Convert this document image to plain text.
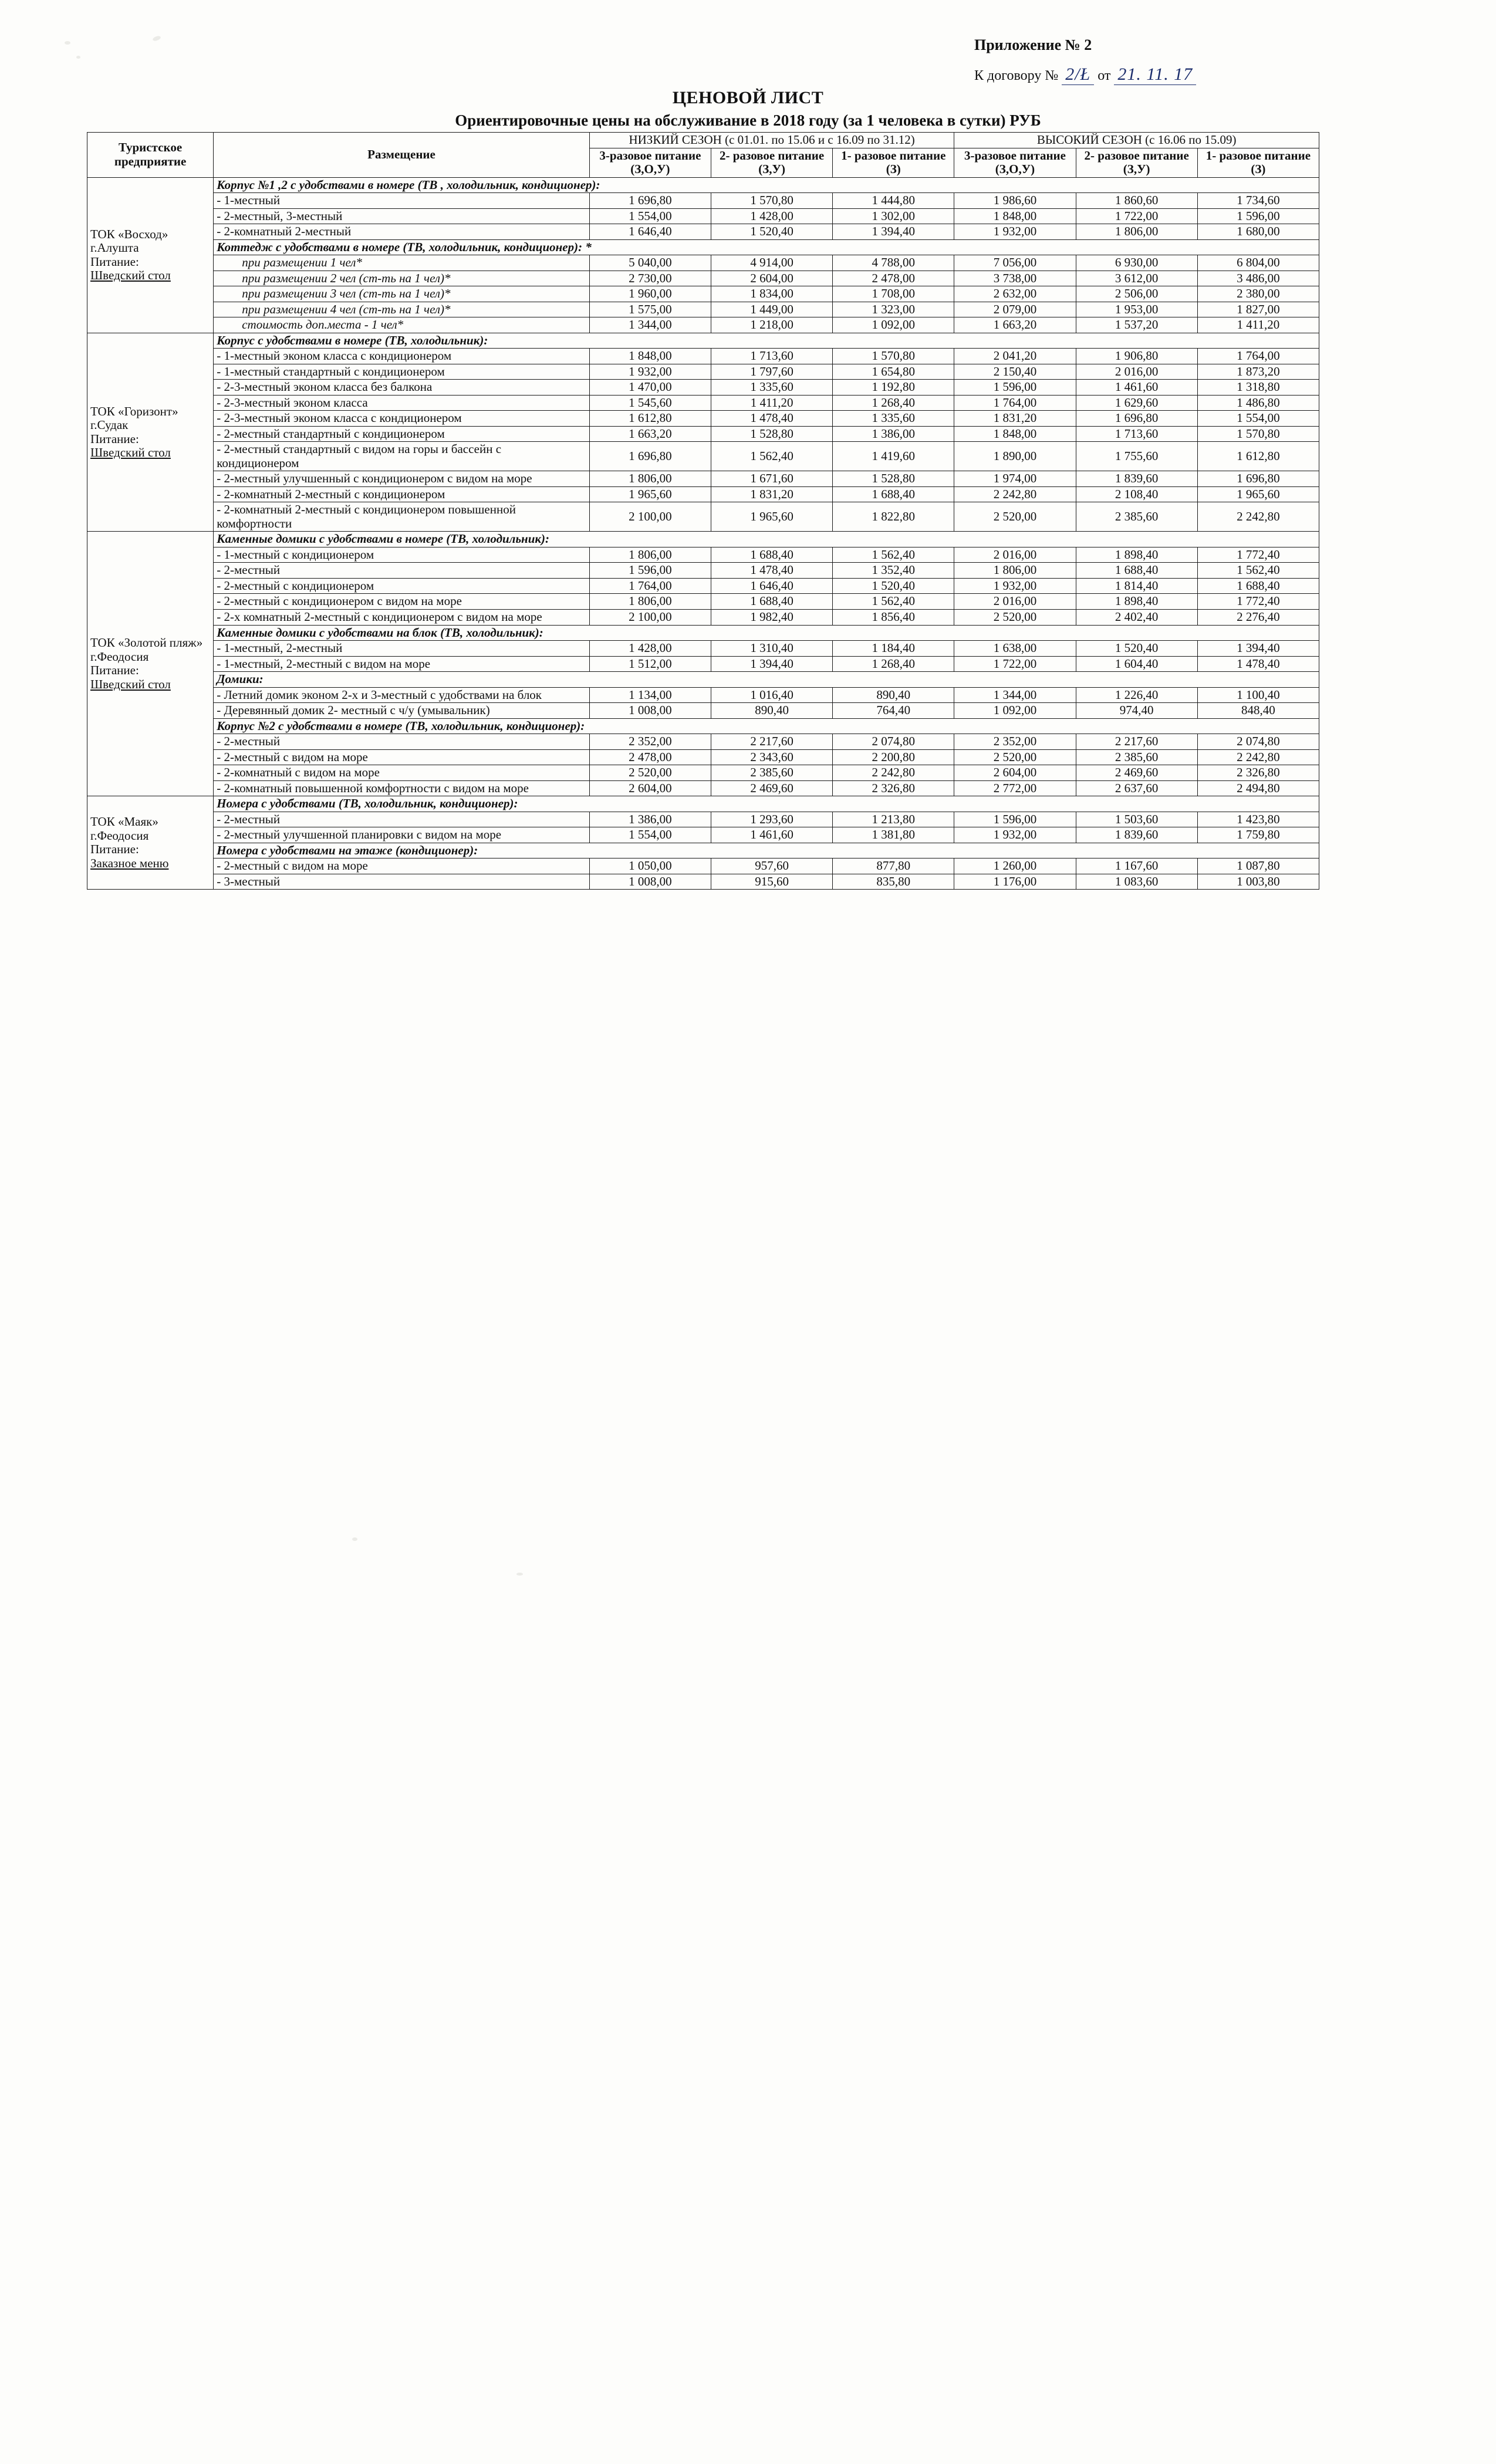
Приложение № 2
К договору № 2/Ł от 21. 11. 17
ЦЕНОВОЙ ЛИСТ
Ориентировочные цены на обслуживание в 2018 году (за 1 человека в сутки) РУБ
Туристское предприятие	Размещение	НИЗКИЙ СЕЗОН (с 01.01. по 15.06 и с 16.09 по 31.12)			ВЫСОКИЙ СЕЗОН (с 16.06 по 15.09)		
		3-разовое питание (З,О,У)	2- разовое питание (З,У)	1- разовое питание (З)	3-разовое питание (З,О,У)	2- разовое питание (З,У)	1- разовое питание (З)

ТОК «Восход»
г.Алушта
Питание:
Шведский стол	Корпус №1 ,2 с удобствами в номере (ТВ , холодильник, кондиционер):						
	- 1-местный	1 696,80	1 570,80	1 444,80	1 986,60	1 860,60	1 734,60
	- 2-местный, 3-местный	1 554,00	1 428,00	1 302,00	1 848,00	1 722,00	1 596,00
	- 2-комнатный 2-местный	1 646,40	1 520,40	1 394,40	1 932,00	1 806,00	1 680,00
	Коттедж с удобствами в номере (ТВ, холодильник, кондиционер): *						
	при размещении 1 чел*	5 040,00	4 914,00	4 788,00	7 056,00	6 930,00	6 804,00
	при размещении 2 чел (ст-ть на 1 чел)*	2 730,00	2 604,00	2 478,00	3 738,00	3 612,00	3 486,00
	при размещении 3 чел (ст-ть на 1 чел)*	1 960,00	1 834,00	1 708,00	2 632,00	2 506,00	2 380,00
	при размещении 4 чел (ст-ть на 1 чел)*	1 575,00	1 449,00	1 323,00	2 079,00	1 953,00	1 827,00
	стоимость доп.места - 1 чел*	1 344,00	1 218,00	1 092,00	1 663,20	1 537,20	1 411,20

ТОК «Горизонт»
г.Судак
Питание:
Шведский стол	Корпус с удобствами в номере (ТВ, холодильник):						
	- 1-местный эконом класса с кондиционером	1 848,00	1 713,60	1 570,80	2 041,20	1 906,80	1 764,00
	- 1-местный стандартный с кондиционером	1 932,00	1 797,60	1 654,80	2 150,40	2 016,00	1 873,20
	- 2-3-местный эконом класса без балкона	1 470,00	1 335,60	1 192,80	1 596,00	1 461,60	1 318,80
	- 2-3-местный эконом класса	1 545,60	1 411,20	1 268,40	1 764,00	1 629,60	1 486,80
	- 2-3-местный эконом класса с кондиционером	1 612,80	1 478,40	1 335,60	1 831,20	1 696,80	1 554,00
	- 2-местный стандартный с кондиционером	1 663,20	1 528,80	1 386,00	1 848,00	1 713,60	1 570,80
	- 2-местный стандартный с видом на горы и бассейн с кондиционером	1 696,80	1 562,40	1 419,60	1 890,00	1 755,60	1 612,80
	- 2-местный улучшенный с кондиционером с видом на море	1 806,00	1 671,60	1 528,80	1 974,00	1 839,60	1 696,80
	- 2-комнатный 2-местный с кондиционером	1 965,60	1 831,20	1 688,40	2 242,80	2 108,40	1 965,60
	- 2-комнатный 2-местный с кондиционером повышенной комфортности	2 100,00	1 965,60	1 822,80	2 520,00	2 385,60	2 242,80

ТОК «Золотой пляж»
г.Феодосия
Питание:
Шведский стол	Каменные домики с удобствами в номере (ТВ, холодильник):						
	- 1-местный с кондиционером	1 806,00	1 688,40	1 562,40	2 016,00	1 898,40	1 772,40
	- 2-местный	1 596,00	1 478,40	1 352,40	1 806,00	1 688,40	1 562,40
	- 2-местный с кондиционером	1 764,00	1 646,40	1 520,40	1 932,00	1 814,40	1 688,40
	- 2-местный с кондиционером с видом на море	1 806,00	1 688,40	1 562,40	2 016,00	1 898,40	1 772,40
	- 2-х комнатный 2-местный с кондиционером с видом на море	2 100,00	1 982,40	1 856,40	2 520,00	2 402,40	2 276,40
	Каменные домики с удобствами на блок (ТВ, холодильник):						
	- 1-местный, 2-местный	1 428,00	1 310,40	1 184,40	1 638,00	1 520,40	1 394,40
	- 1-местный, 2-местный с видом на море	1 512,00	1 394,40	1 268,40	1 722,00	1 604,40	1 478,40
	Домики:						
	- Летний домик эконом 2-х и 3-местный с удобствами на блок	1 134,00	1 016,40	890,40	1 344,00	1 226,40	1 100,40
	- Деревянный домик 2- местный с ч/у (умывальник)	1 008,00	890,40	764,40	1 092,00	974,40	848,40
	Корпус №2 с удобствами в номере (ТВ, холодильник, кондиционер):						
	- 2-местный	2 352,00	2 217,60	2 074,80	2 352,00	2 217,60	2 074,80
	- 2-местный с видом на море	2 478,00	2 343,60	2 200,80	2 520,00	2 385,60	2 242,80
	- 2-комнатный с видом на море	2 520,00	2 385,60	2 242,80	2 604,00	2 469,60	2 326,80
	- 2-комнатный повышенной комфортности с видом на море	2 604,00	2 469,60	2 326,80	2 772,00	2 637,60	2 494,80

ТОК «Маяк»
г.Феодосия
Питание:
Заказное меню	Номера с удобствами (ТВ, холодильник, кондиционер):						
	- 2-местный	1 386,00	1 293,60	1 213,80	1 596,00	1 503,60	1 423,80
	- 2-местный улучшенной планировки с видом на море	1 554,00	1 461,60	1 381,80	1 932,00	1 839,60	1 759,80
	Номера с удобствами на этаже (кондиционер):						
	- 2-местный с видом на море	1 050,00	957,60	877,80	1 260,00	1 167,60	1 087,80
	- 3-местный	1 008,00	915,60	835,80	1 176,00	1 083,60	1 003,80
